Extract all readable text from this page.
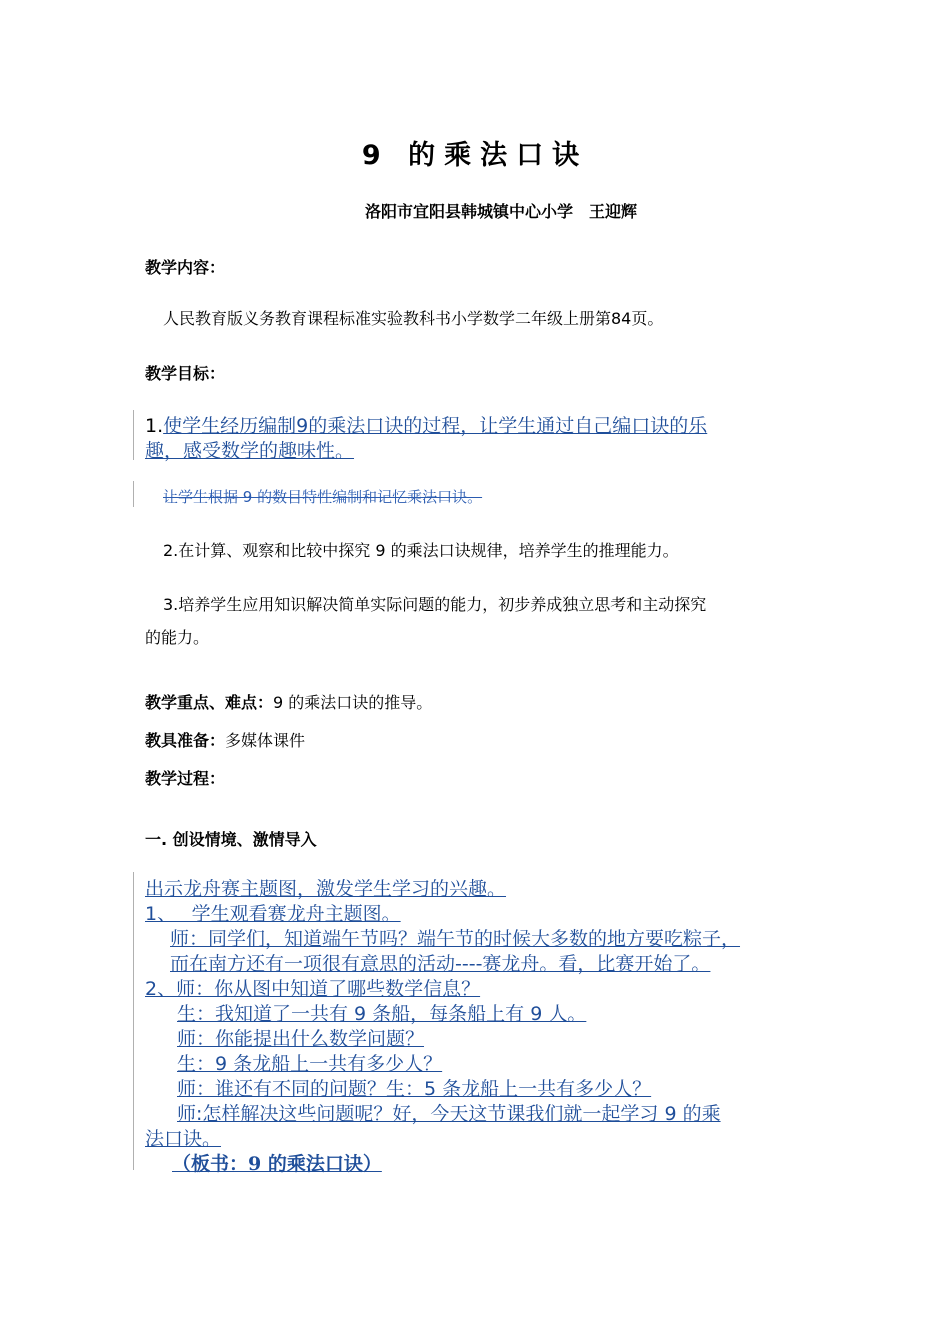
9 的乘法口诀
洛阳市宜阳县韩城镇中心小学　王迎辉
教学内容：
人民教育版义务教育课程标准实验教科书小学数学二年级上册第84页。
教学目标：
1.使学生经历编制9的乘法口诀的过程，让学生通过自己编口诀的乐
趣，感受数学的趣味性。
让学生根据 9 的数目特性编制和记忆乘法口诀。
2.在计算、观察和比较中探究 9 的乘法口诀规律，培养学生的推理能力。
3.培养学生应用知识解决简单实际问题的能力，初步养成独立思考和主动探究
的能力。
教学重点、难点：9 的乘法口诀的推导。
教具准备：多媒体课件
教学过程：
一. 创设情境、激情导入
出示龙舟赛主题图，激发学生学习的兴趣。
1、　 学生观看赛龙舟主题图。
师：同学们，知道端午节吗？端午节的时候大多数的地方要吃粽子，
而在南方还有一项很有意思的活动----赛龙舟。看，比赛开始了。
2、师：你从图中知道了哪些数学信息？
生：我知道了一共有 9 条船，每条船上有 9 人。
师：你能提出什么数学问题？
生：9 条龙船上一共有多少人？
师：谁还有不同的问题？生：5 条龙船上一共有多少人？
师:怎样解决这些问题呢？好，今天这节课我们就一起学习 9 的乘
法口诀。
（板书：9 的乘法口诀）
